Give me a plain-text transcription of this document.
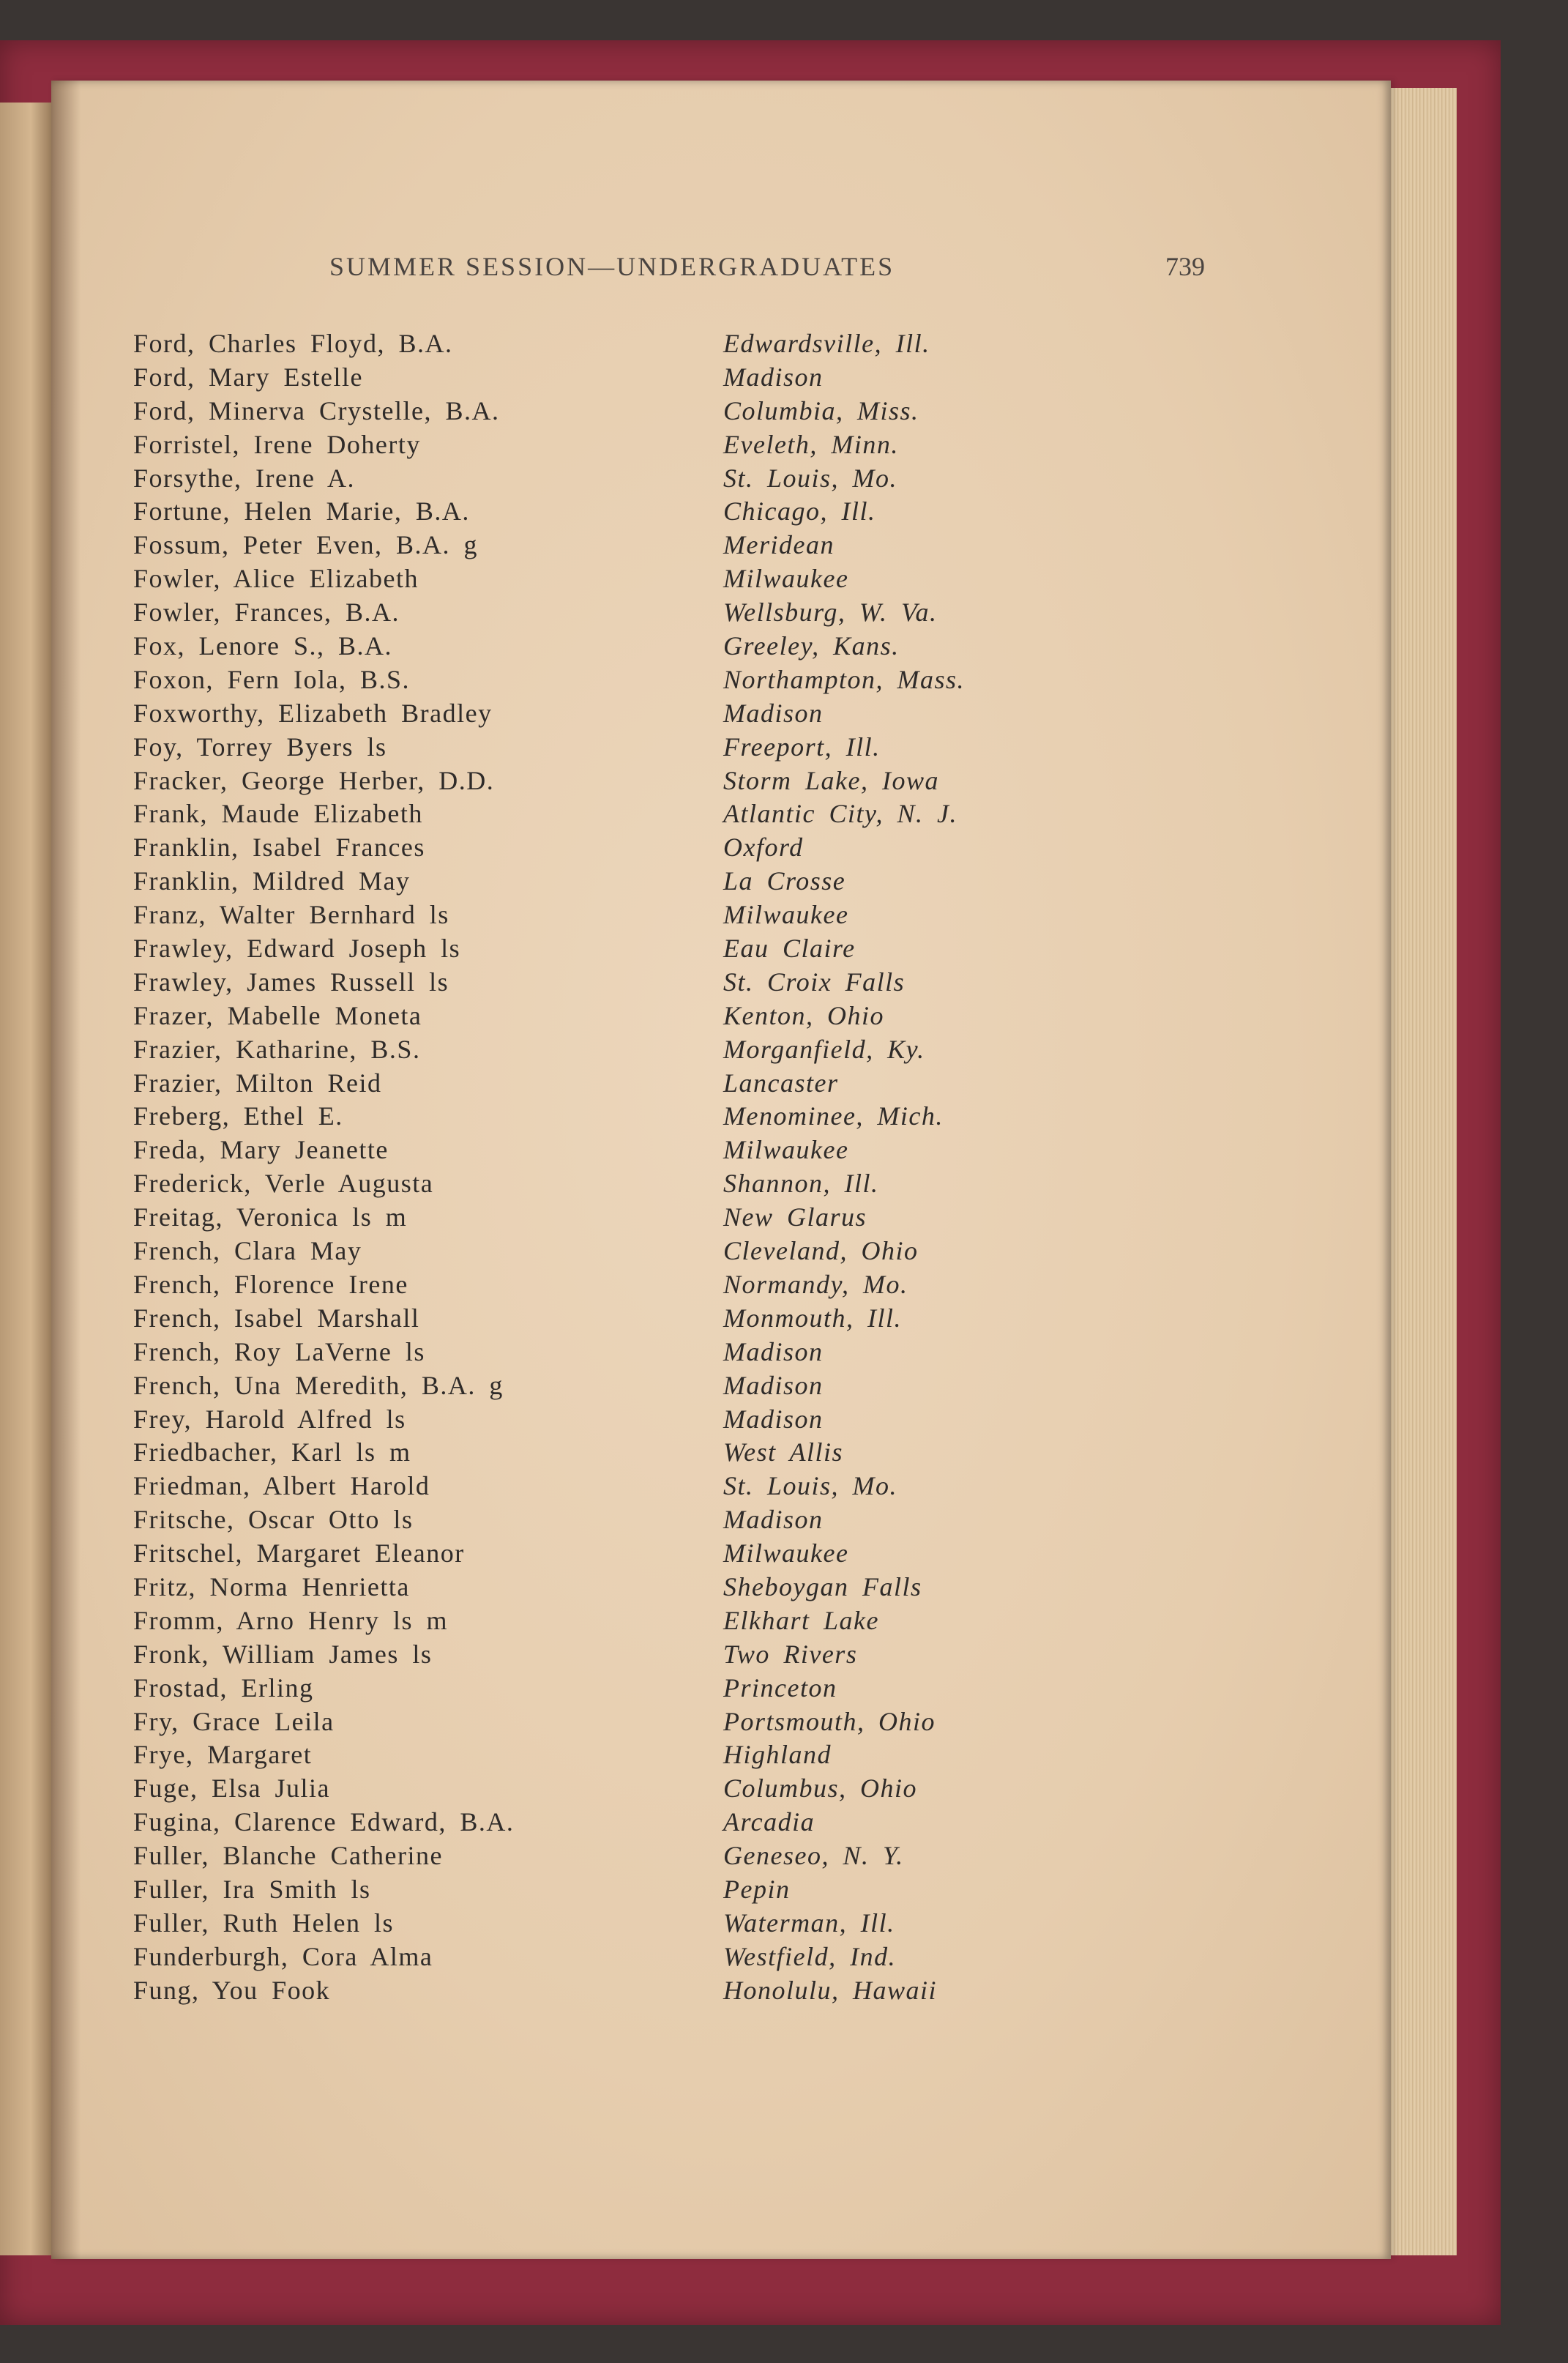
SUMMER SESSION—UNDERGRADUATES	739
Ford, Charles Floyd, B.A.	Edwardsville, Ill.
Ford, Mary Estelle	Madison
Ford, Minerva Crystelle, B.A.	Columbia, Miss.
Forristel, Irene Doherty	Eveleth, Minn.
Forsythe, Irene A.	St. Louis, Mo.
Fortune, Helen Marie, B.A.	Chicago, Ill.
Fossum, Peter Even, B.A. g	Meridean
Fowler, Alice Elizabeth	Milwaukee
Fowler, Frances, B.A.	Wellsburg, W. Va.
Fox, Lenore S., B.A.	Greeley, Kans.
Foxon, Fern Iola, B.S.	Northampton, Mass.
Foxworthy, Elizabeth Bradley	Madison
Foy, Torrey Byers ls	Freeport, Ill.
Fracker, George Herber, D.D.	Storm Lake, Iowa
Frank, Maude Elizabeth	Atlantic City, N. J.
Franklin, Isabel Frances	Oxford
Franklin, Mildred May	La Crosse
Franz, Walter Bernhard ls	Milwaukee
Frawley, Edward Joseph ls	Eau Claire
Frawley, James Russell ls	St. Croix Falls
Frazer, Mabelle Moneta	Kenton, Ohio
Frazier, Katharine, B.S.	Morganfield, Ky.
Frazier, Milton Reid	Lancaster
Freberg, Ethel E.	Menominee, Mich.
Freda, Mary Jeanette	Milwaukee
Frederick, Verle Augusta	Shannon, Ill.
Freitag, Veronica ls m	New Glarus
French, Clara May	Cleveland, Ohio
French, Florence Irene	Normandy, Mo.
French, Isabel Marshall	Monmouth, Ill.
French, Roy LaVerne ls	Madison
French, Una Meredith, B.A. g	Madison
Frey, Harold Alfred ls	Madison
Friedbacher, Karl ls m	West Allis
Friedman, Albert Harold	St. Louis, Mo.
Fritsche, Oscar Otto ls	Madison
Fritschel, Margaret Eleanor	Milwaukee
Fritz, Norma Henrietta	Sheboygan Falls
Fromm, Arno Henry ls m	Elkhart Lake
Fronk, William James ls	Two Rivers
Frostad, Erling	Princeton
Fry, Grace Leila	Portsmouth, Ohio
Frye, Margaret	Highland
Fuge, Elsa Julia	Columbus, Ohio
Fugina, Clarence Edward, B.A.	Arcadia
Fuller, Blanche Catherine	Geneseo, N. Y.
Fuller, Ira Smith ls	Pepin
Fuller, Ruth Helen ls	Waterman, Ill.
Funderburgh, Cora Alma	Westfield, Ind.
Fung, You Fook	Honolulu, Hawaii
